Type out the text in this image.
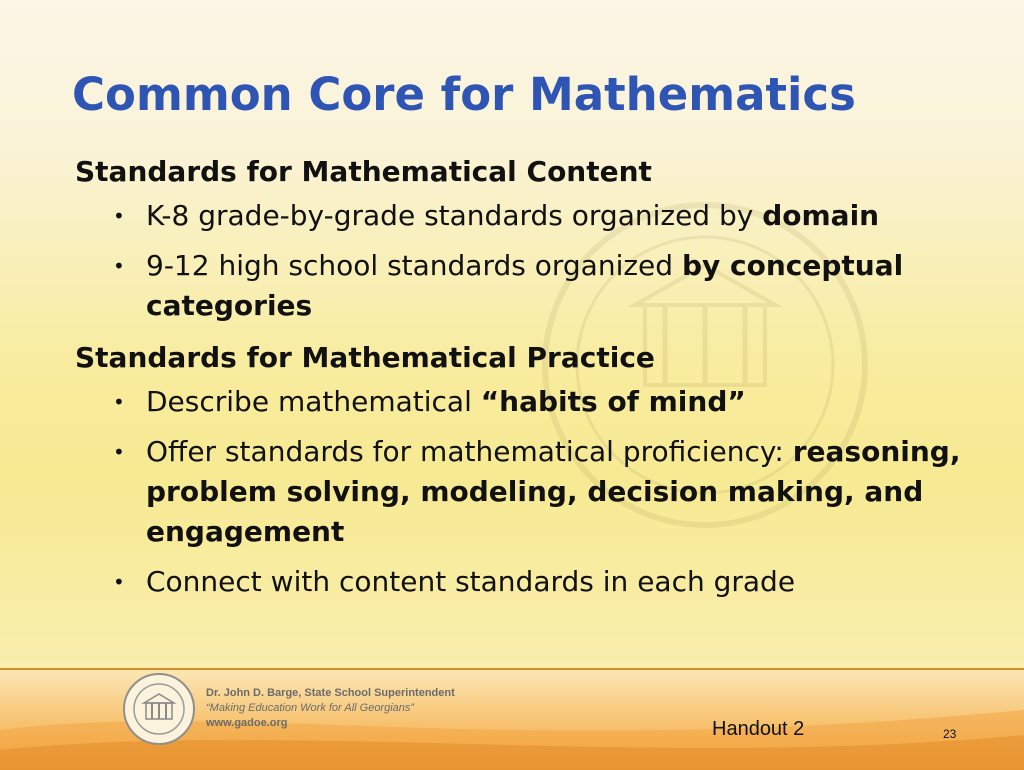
Common Core for Mathematics

Standards for Mathematical Content

• K-8 grade-by-grade standards organized by domain
• 9-12 high school standards organized by conceptual categories

Standards for Mathematical Practice

• Describe mathematical “habits of mind”
• Offer standards for mathematical proficiency: reasoning, problem solving, modeling, decision making, and engagement
• Connect with content standards in each grade
Dr. John D. Barge, State School Superintendent
“Making Education Work for All Georgians”
www.gadoe.org	Handout 2	23
